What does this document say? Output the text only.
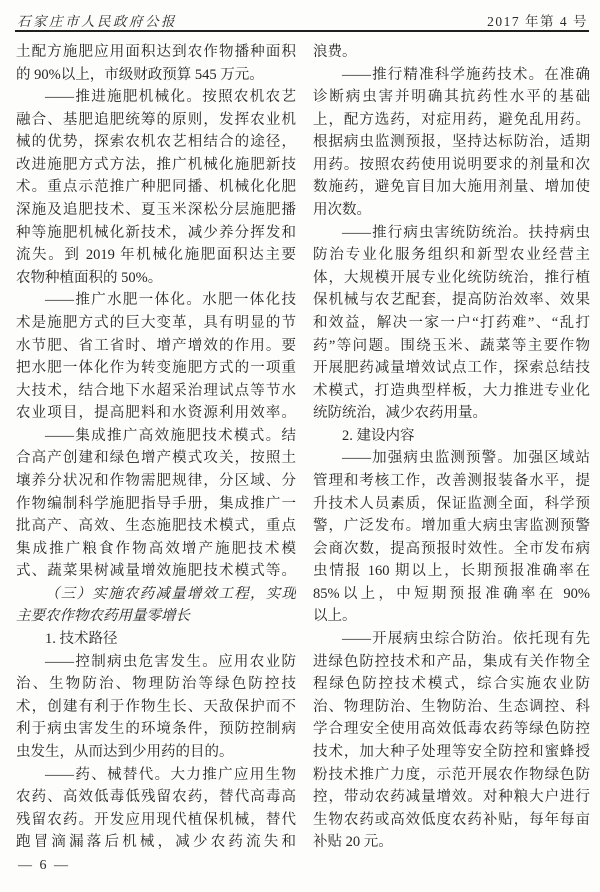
石家庄市人民政府公报	2017 年第 4 号
土配方施肥应用面积达到农作物播种面积
的 90%以上，市级财政预算 545 万元。
——推进施肥机械化。按照农机农艺
融合、基肥追肥统筹的原则，发挥农业机
械的优势，探索农机农艺相结合的途径，
改进施肥方式方法，推广机械化施肥新技
术。重点示范推广种肥同播、机械化化肥
深施及追肥技术、夏玉米深松分层施肥播
种等施肥机械化新技术，减少养分挥发和
流失。到 2019 年机械化施肥面积达主要
农物种植面积的 50%。
——推广水肥一体化。水肥一体化技
术是施肥方式的巨大变革，具有明显的节
水节肥、省工省时、增产增效的作用。要
把水肥一体化作为转变施肥方式的一项重
大技术，结合地下水超采治理试点等节水
农业项目，提高肥料和水资源利用效率。
——集成推广高效施肥技术模式。结
合高产创建和绿色增产模式攻关，按照土
壤养分状况和作物需肥规律，分区域、分
作物编制科学施肥指导手册，集成推广一
批高产、高效、生态施肥技术模式，重点
集成推广粮食作物高效增产施肥技术模
式、蔬菜果树减量增效施肥技术模式等。
（三）实施农药减量增效工程，实现
主要农作物农药用量零增长
1. 技术路径
——控制病虫危害发生。应用农业防
治、生物防治、物理防治等绿色防控技
术，创建有利于作物生长、天敌保护而不
利于病虫害发生的环境条件，预防控制病
虫发生，从而达到少用药的目的。
——药、械替代。大力推广应用生物
农药、高效低毒低残留农药，替代高毒高
残留农药。开发应用现代植保机械，替代
跑冒滴漏落后机械，减少农药流失和
浪费。
——推行精准科学施药技术。在准确
诊断病虫害并明确其抗药性水平的基础
上，配方选药，对症用药，避免乱用药。
根据病虫监测预报，坚持达标防治，适期
用药。按照农药使用说明要求的剂量和次
数施药，避免盲目加大施用剂量、增加使
用次数。
——推行病虫害统防统治。扶持病虫
防治专业化服务组织和新型农业经营主
体，大规模开展专业化统防统治，推行植
保机械与农艺配套，提高防治效率、效果
和效益，解决一家一户“打药难”、“乱打
药”等问题。围绕玉米、蔬菜等主要作物
开展肥药减量增效试点工作，探索总结技
术模式，打造典型样板，大力推进专业化
统防统治，减少农药用量。
2. 建设内容
——加强病虫监测预警。加强区域站
管理和考核工作，改善测报装备水平，提
升技术人员素质，保证监测全面，科学预
警，广泛发布。增加重大病虫害监测预警
会商次数，提高预报时效性。全市发布病
虫情报 160 期以上，长期预报准确率在
85%以上，中短期预报准确率在 90%
以上。
——开展病虫综合防治。依托现有先
进绿色防控技术和产品，集成有关作物全
程绿色防控技术模式，综合实施农业防
治、物理防治、生物防治、生态调控、科
学合理安全使用高效低毒农药等绿色防控
技术，加大种子处理等安全防控和蜜蜂授
粉技术推广力度，示范开展农作物绿色防
控，带动农药减量增效。对种粮大户进行
生物农药或高效低度农药补贴，每年每亩
补贴 20 元。
— 6 —
